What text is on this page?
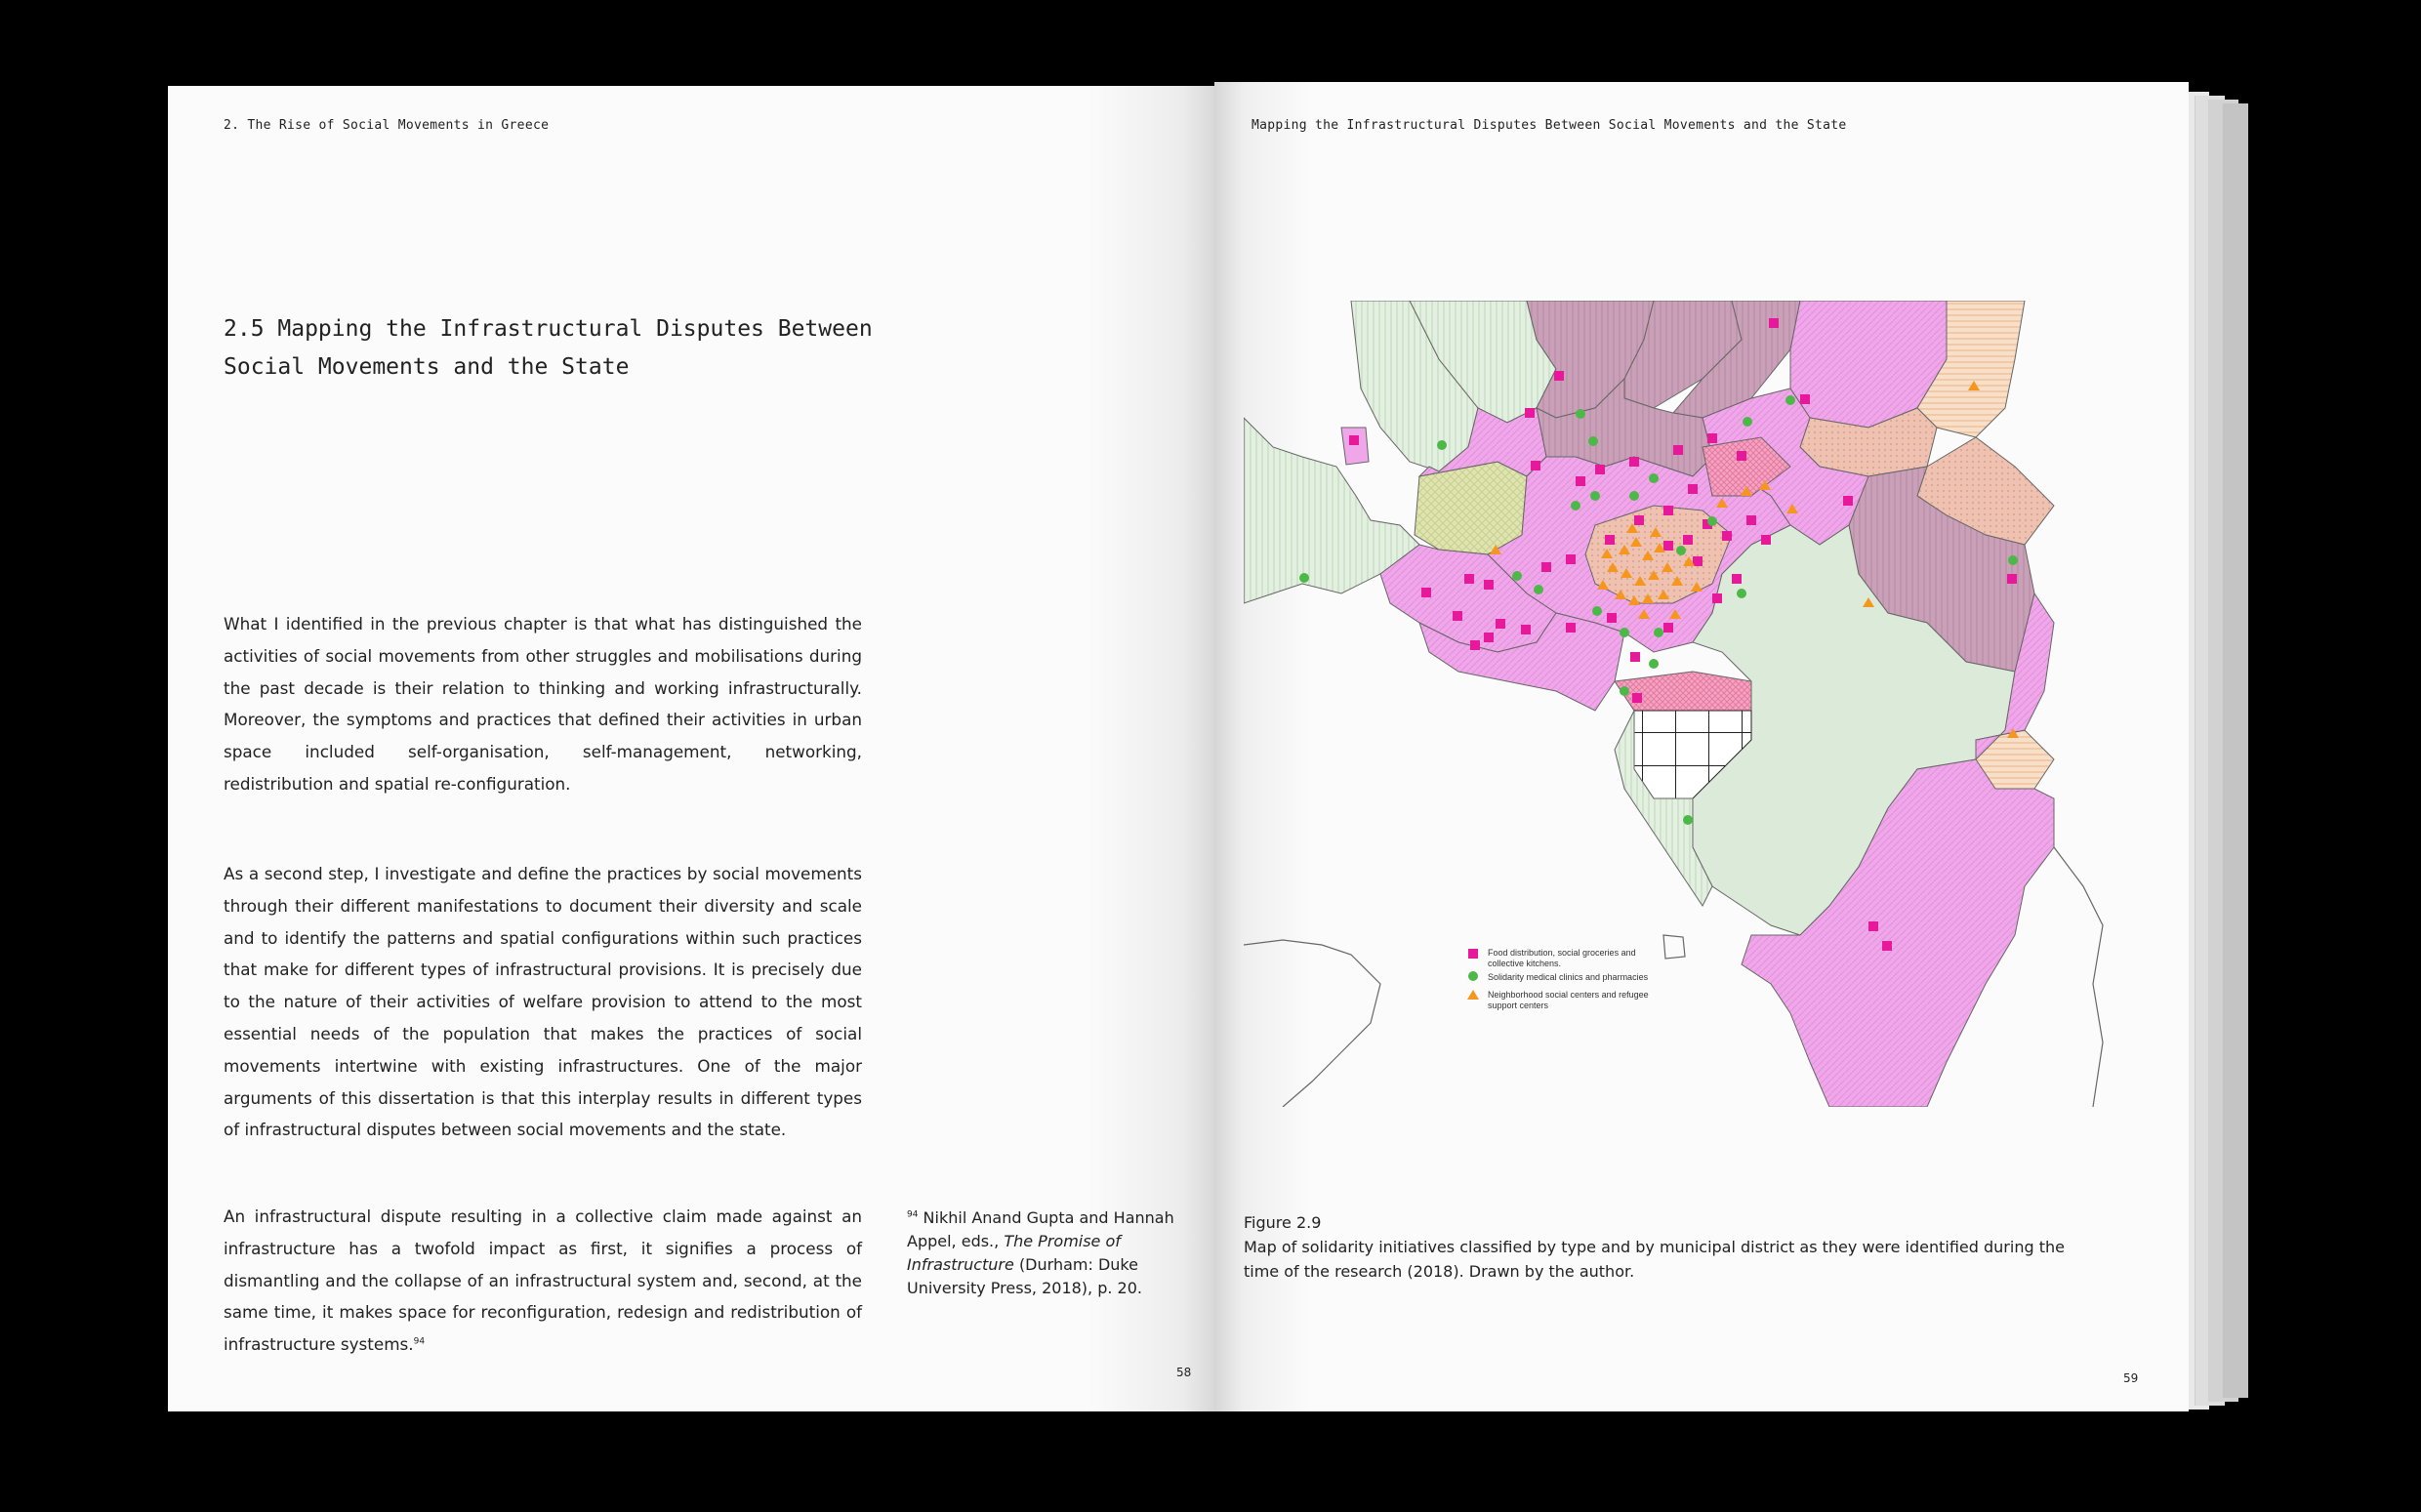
2. The Rise of Social Movements in Greece
2.5 Mapping the Infrastructural Disputes Between
Social Movements and the State
What I identified in the previous chapter is that what has distinguished the activities of social movements from other struggles and mobilisations during the past decade is their relation to thinking and working infrastructurally. Moreover, the symptoms and practices that defined their activities in urban space included self-organisation, self-management, networking, redistribution and spatial re-configuration.
As a second step, I investigate and define the practices by social movements through their different manifestations to document their diversity and scale and to identify the patterns and spatial configurations within such practices that make for different types of infrastructural provisions. It is precisely due to the nature of their activities of welfare provision to attend to the most essential needs of the population that makes the practices of social movements intertwine with existing infrastructures. One of the major arguments of this dissertation is that this interplay results in different types of infrastructural disputes between social movements and the state.
An infrastructural dispute resulting in a collective claim made against an infrastructure has a twofold impact as first, it signifies a process of dismantling and the collapse of an infrastructural system and, second, at the same time, it makes space for reconfiguration, redesign and redistribution of infrastructure systems.$^{94}$
$^{94}$ Nikhil Anand Gupta and Hannah Appel, eds., The Promise of Infrastructure (Durham: Duke University Press, 2018), p. 20.
58
Mapping the Infrastructural Disputes Between Social Movements and the State
Food distribution, social groceries and
collective kitchens.
Solidarity medical clinics and pharmacies
Neighborhood social centers and refugee
support centers
Figure 2.9
Map of solidarity initiatives classified by type and by municipal district as they were identified during the time of the research (2018). Drawn by the author.
59
